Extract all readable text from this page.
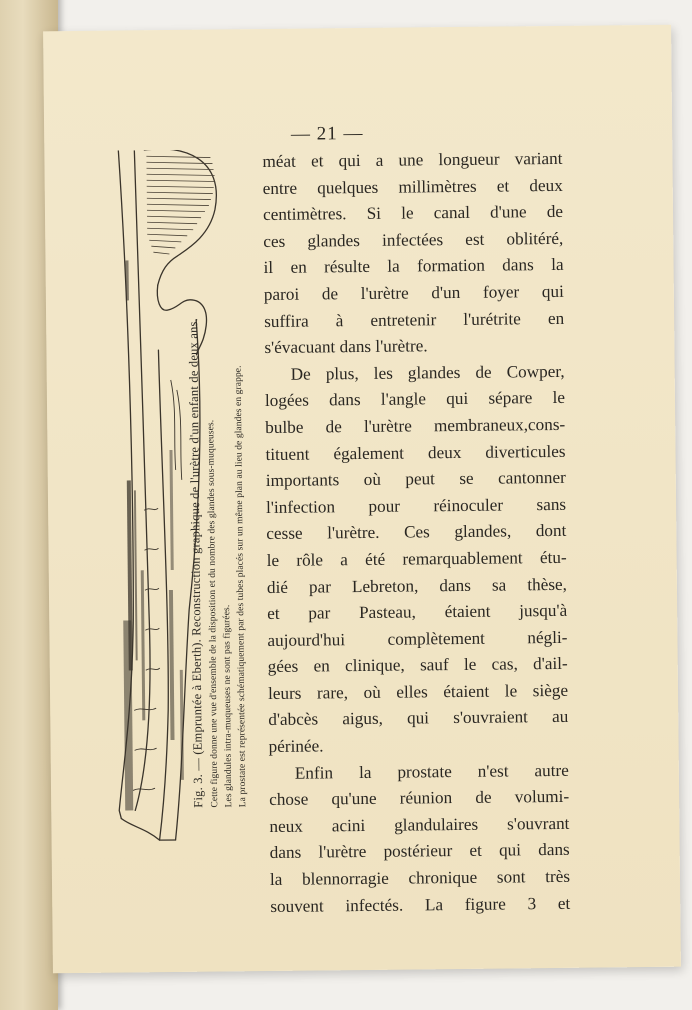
— 21 —
Fig. 3. — (Empruntée à Eberth). Reconstruction graphique de l'urètre d'un enfant de deux ans. Cette figure donne une vue d'ensemble de la disposition et du nombre des glandes sous-muqueuses. Les glandules intra-muqueuses ne sont pas figurées. La prostate est représentée schématiquement par des tubes placés sur un même plan au lieu de glandes en grappe.
méat et qui a une longueur variant
entre quelques millimètres et deux
centimètres. Si le canal d'une de
ces glandes infectées est oblitéré,
il en résulte la formation dans la
paroi de l'urètre d'un foyer qui
suffira à entretenir l'urétrite en
s'évacuant dans l'urètre.
De plus, les glandes de Cowper,
logées dans l'angle qui sépare le
bulbe de l'urètre membraneux,cons-
tituent également deux diverticules
importants où peut se cantonner
l'infection pour réinoculer sans
cesse l'urètre. Ces glandes, dont
le rôle a été remarquablement étu-
dié par Lebreton, dans sa thèse,
et par Pasteau, étaient jusqu'à
aujourd'hui complètement négli-
gées en clinique, sauf le cas, d'ail-
leurs rare, où elles étaient le siège
d'abcès aigus, qui s'ouvraient au
périnée.
Enfin la prostate n'est autre
chose qu'une réunion de volumi-
neux acini glandulaires s'ouvrant
dans l'urètre postérieur et qui dans
la blennorragie chronique sont très
souvent infectés. La figure 3 et
